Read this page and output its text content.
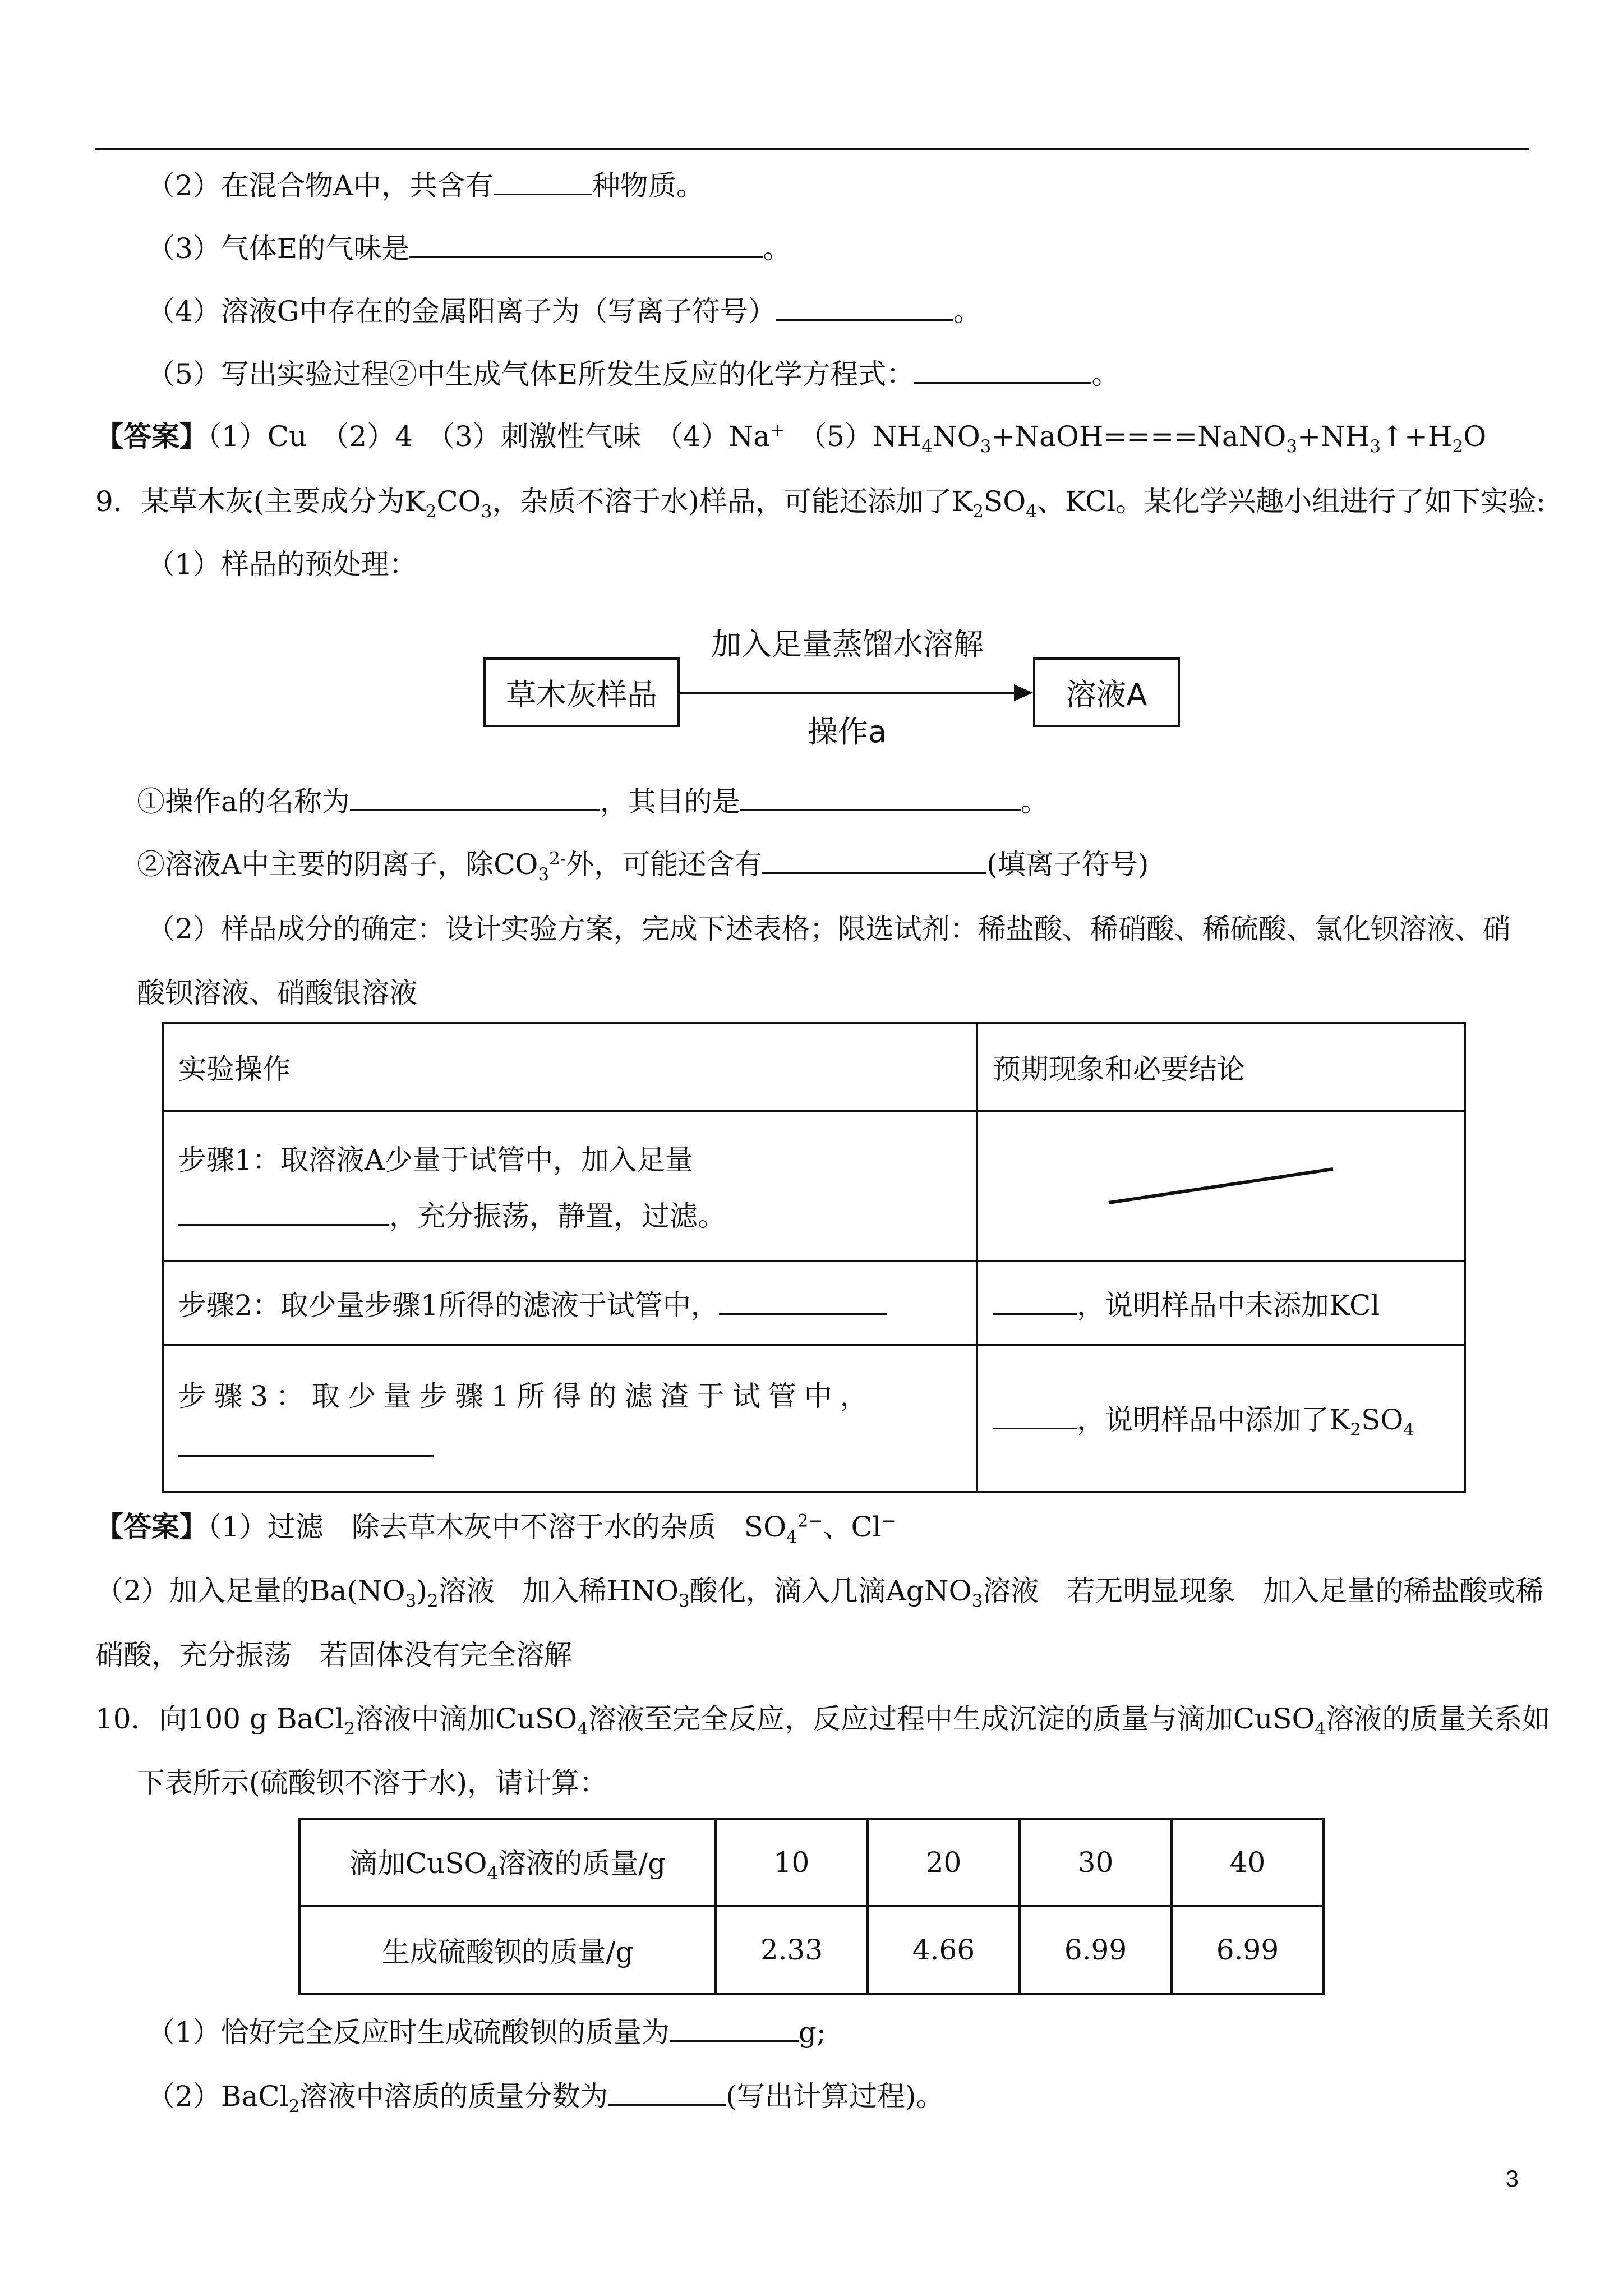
（2）在混合物A中，共含有	种物质。
（3）气体E的气味是	。
（4）溶液G中存在的金属阳离子为（写离子符号）	。
（5）写出实验过程②中生成气体E所发生反应的化学方程式：	。
【答案】（1）Cu　（2）4　（3）刺激性气味　（4）Na+　$(5)NH_4NO_3+NaOH====NaNO_3+NH_3↑+H_2O$
9．某草木灰(主要成分为$K_2CO_3$，杂质不溶于水)样品，可能还添加了$K_2SO_4$、KCl。某化学兴趣小组进行了如下实验:
（1）样品的预处理：
草木灰样品	溶液A
加入足量蒸馏水溶解
操作a
①操作a的名称为	，其目的是	。
②溶液A中主要的阴离子，除$CO_3^{2-}$外，可能还含有	(填离子符号)
（2）样品成分的确定：设计实验方案，完成下述表格；限选试剂：稀盐酸、稀硝酸、稀硫酸、氯化钡溶液、硝
酸钡溶液、硝酸银溶液
实验操作	预期现象和必要结论

步骤1：取溶液A少量于试管中，加入足量
，充分振荡，静置，过滤。

步骤2：取少量步骤1所得的滤液于试管中，	，说明样品中未添加KCl

步骤3：取少量步骤1所得的滤渣于试管中，	，说明样品中添加了$K_2SO_4$
【答案】（1）过滤　除去草木灰中不溶于水的杂质　$SO_4^{2-}$、Cl−
（2）加入足量的$Ba(NO_3)_2$溶液　加入稀$HNO_3$酸化，滴入几滴AgNO$_3$溶液　若无明显现象　加入足量的稀盐酸或稀
硝酸，充分振荡　若固体没有完全溶解
10．向100 g BaCl$_2$溶液中滴加CuSO$_4$溶液至完全反应，反应过程中生成沉淀的质量与滴加CuSO$_4$溶液的质量关系如
下表所示(硫酸钡不溶于水)，请计算：
滴加CuSO$_4$溶液的质量/g	10	20	30	40
生成硫酸钡的质量/g	2.33	4.66	6.99	6.99
（1）恰好完全反应时生成硫酸钡的质量为	g;
（2）BaCl$_2$溶液中溶质的质量分数为	(写出计算过程)。
3
